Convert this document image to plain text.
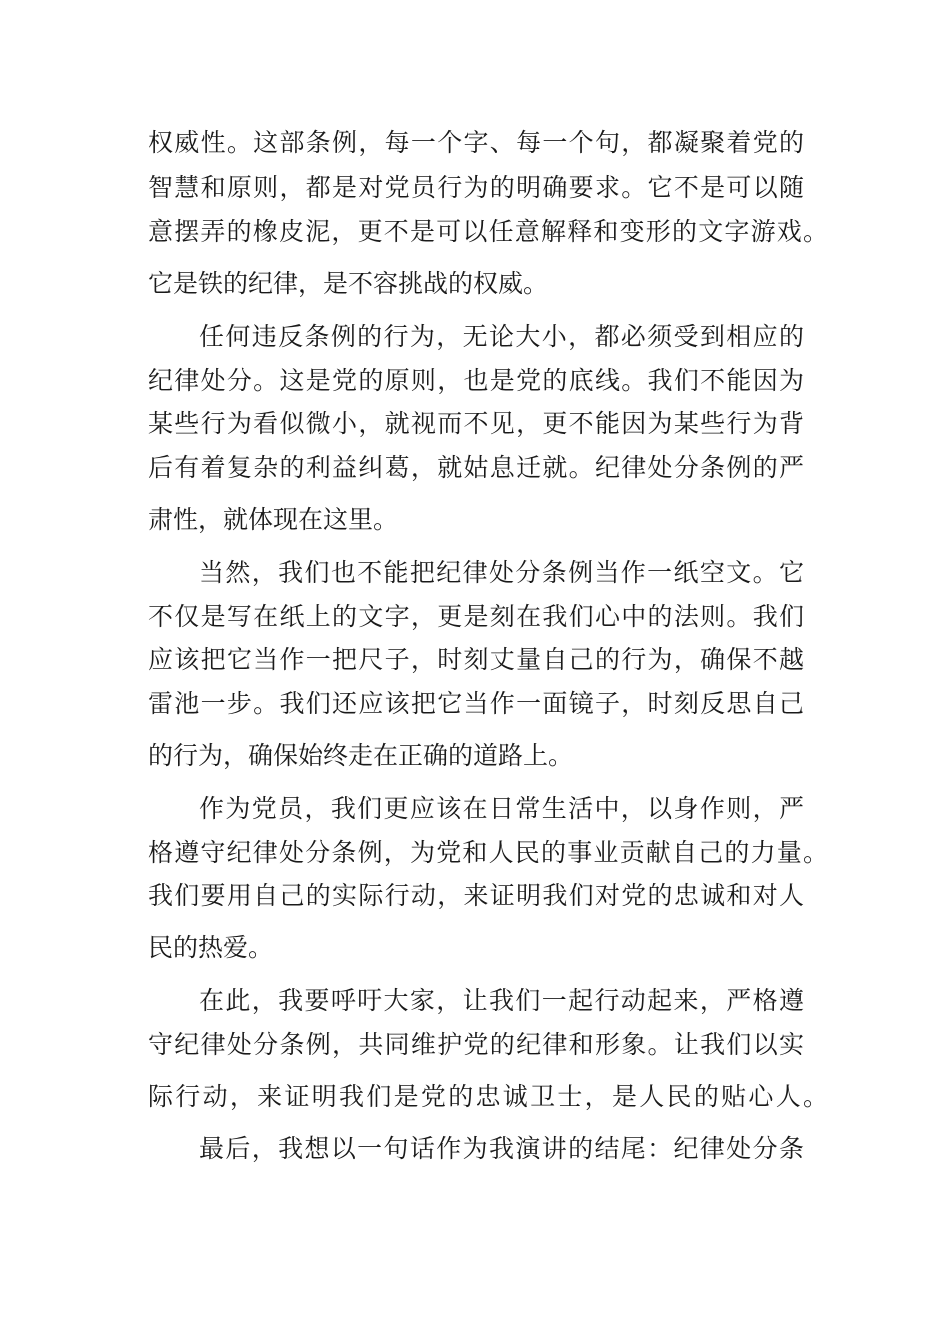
权威性。这部条例，每一个字、每一个句，都凝聚着党的
智慧和原则，都是对党员行为的明确要求。它不是可以随
意摆弄的橡皮泥，更不是可以任意解释和变形的文字游戏。
它是铁的纪律，是不容挑战的权威。
任何违反条例的行为，无论大小，都必须受到相应的
纪律处分。这是党的原则，也是党的底线。我们不能因为
某些行为看似微小，就视而不见，更不能因为某些行为背
后有着复杂的利益纠葛，就姑息迁就。纪律处分条例的严
肃性，就体现在这里。
当然，我们也不能把纪律处分条例当作一纸空文。它
不仅是写在纸上的文字，更是刻在我们心中的法则。我们
应该把它当作一把尺子，时刻丈量自己的行为，确保不越
雷池一步。我们还应该把它当作一面镜子，时刻反思自己
的行为，确保始终走在正确的道路上。
作为党员，我们更应该在日常生活中，以身作则，严
格遵守纪律处分条例，为党和人民的事业贡献自己的力量。
我们要用自己的实际行动，来证明我们对党的忠诚和对人
民的热爱。
在此，我要呼吁大家，让我们一起行动起来，严格遵
守纪律处分条例，共同维护党的纪律和形象。让我们以实
际行动，来证明我们是党的忠诚卫士，是人民的贴心人。
最后，我想以一句话作为我演讲的结尾：纪律处分条
